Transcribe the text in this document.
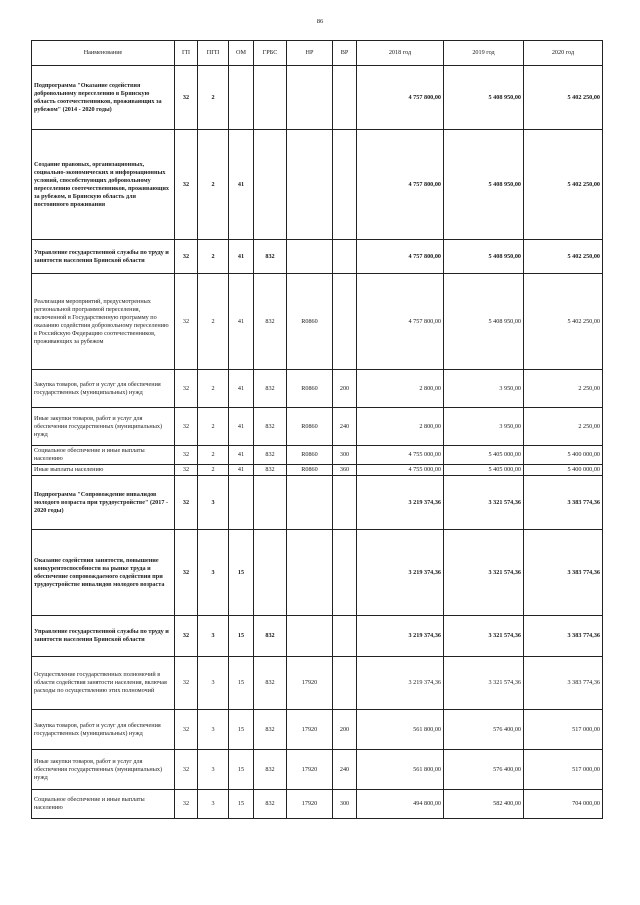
86
Наименование	ГП	ПГП	ОМ	ГРБС	НР	ВР	2018 год	2019 год	2020 год
Подпрограмма "Оказание содействия добровольному переселению в Брянскую область соотечественников, проживающих за рубежом" (2014 - 2020 годы)	32	2					4 757 800,00	5 408 950,00	5 402 250,00
Создание правовых, организационных, социально-экономических и информационных условий, способствующих добровольному переселению соотечественников, проживающих за рубежом, в Брянскую область для постоянного проживания	32	2	41				4 757 800,00	5 408 950,00	5 402 250,00
Управление государственной службы по труду и занятости населения Брянской области	32	2	41	832			4 757 800,00	5 408 950,00	5 402 250,00
Реализация мероприятий, предусмотренных региональной программой переселения, включенной в Государственную программу по оказанию содействия добровольному переселению в Российскую Федерацию соотечественников, проживающих за рубежом	32	2	41	832	R0860		4 757 800,00	5 408 950,00	5 402 250,00
Закупка товаров, работ и услуг для обеспечения государственных (муниципальных) нужд	32	2	41	832	R0860	200	2 800,00	3 950,00	2 250,00
Иные закупки товаров, работ и услуг для обеспечения государственных (муниципальных) нужд	32	2	41	832	R0860	240	2 800,00	3 950,00	2 250,00
Социальное обеспечение и иные выплаты населению	32	2	41	832	R0860	300	4 755 000,00	5 405 000,00	5 400 000,00
Иные выплаты населению	32	2	41	832	R0860	360	4 755 000,00	5 405 000,00	5 400 000,00
Подпрограмма "Сопровождение инвалидов молодого возраста при трудоустройстве" (2017 - 2020 годы)	32	3					3 219 374,36	3 321 574,36	3 383 774,36
Оказание содействия занятости, повышение конкурентоспособности на рынке труда и обеспечение сопровождаемого содействия при трудоустройстве инвалидов молодого возраста	32	3	15				3 219 374,36	3 321 574,36	3 383 774,36
Управление государственной службы по труду и занятости населения Брянской области	32	3	15	832			3 219 374,36	3 321 574,36	3 383 774,36
Осуществление государственных полномочий в области содействия занятости населения, включая расходы по осуществлению этих полномочий	32	3	15	832	17920		3 219 374,36	3 321 574,36	3 383 774,36
Закупка товаров, работ и услуг для обеспечения государственных (муниципальных) нужд	32	3	15	832	17920	200	561 800,00	576 400,00	517 000,00
Иные закупки товаров, работ и услуг для обеспечения государственных (муниципальных) нужд	32	3	15	832	17920	240	561 800,00	576 400,00	517 000,00
Социальное обеспечение и иные выплаты населению	32	3	15	832	17920	300	494 800,00	582 400,00	704 000,00
